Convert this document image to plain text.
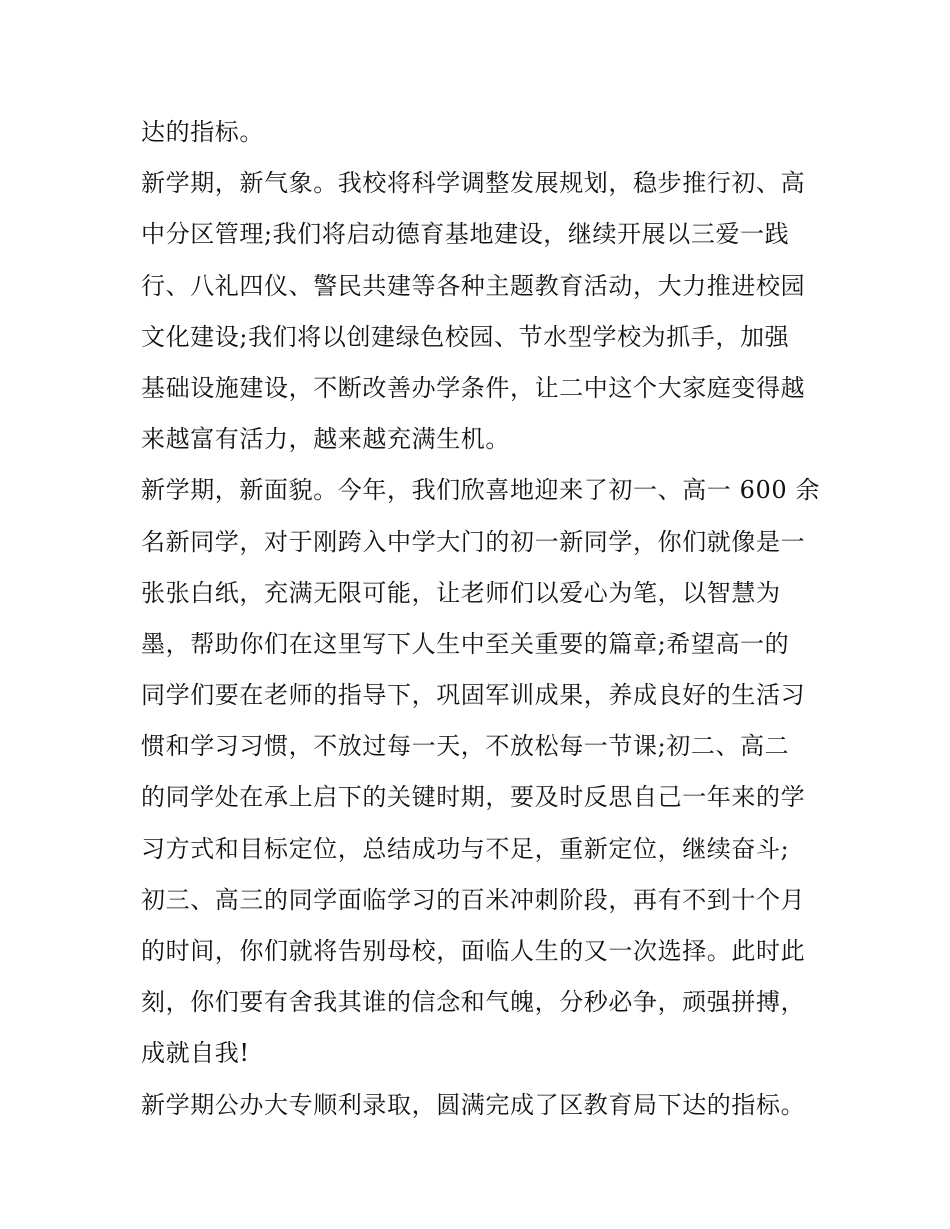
达的指标。
新学期，新气象。我校将科学调整发展规划，稳步推行初、高
中分区管理;我们将启动德育基地建设，继续开展以三爱一践
行、八礼四仪、警民共建等各种主题教育活动，大力推进校园
文化建设;我们将以创建绿色校园、节水型学校为抓手，加强
基础设施建设，不断改善办学条件，让二中这个大家庭变得越
来越富有活力，越来越充满生机。
新学期，新面貌。今年，我们欣喜地迎来了初一、高一 600 余
名新同学，对于刚跨入中学大门的初一新同学，你们就像是一
张张白纸，充满无限可能，让老师们以爱心为笔，以智慧为
墨，帮助你们在这里写下人生中至关重要的篇章;希望高一的
同学们要在老师的指导下，巩固军训成果，养成良好的生活习
惯和学习习惯，不放过每一天，不放松每一节课;初二、高二
的同学处在承上启下的关键时期，要及时反思自己一年来的学
习方式和目标定位，总结成功与不足，重新定位，继续奋斗;
初三、高三的同学面临学习的百米冲刺阶段，再有不到十个月
的时间，你们就将告别母校，面临人生的又一次选择。此时此
刻，你们要有舍我其谁的信念和气魄，分秒必争，顽强拼搏，
成就自我!
新学期公办大专顺利录取，圆满完成了区教育局下达的指标。
